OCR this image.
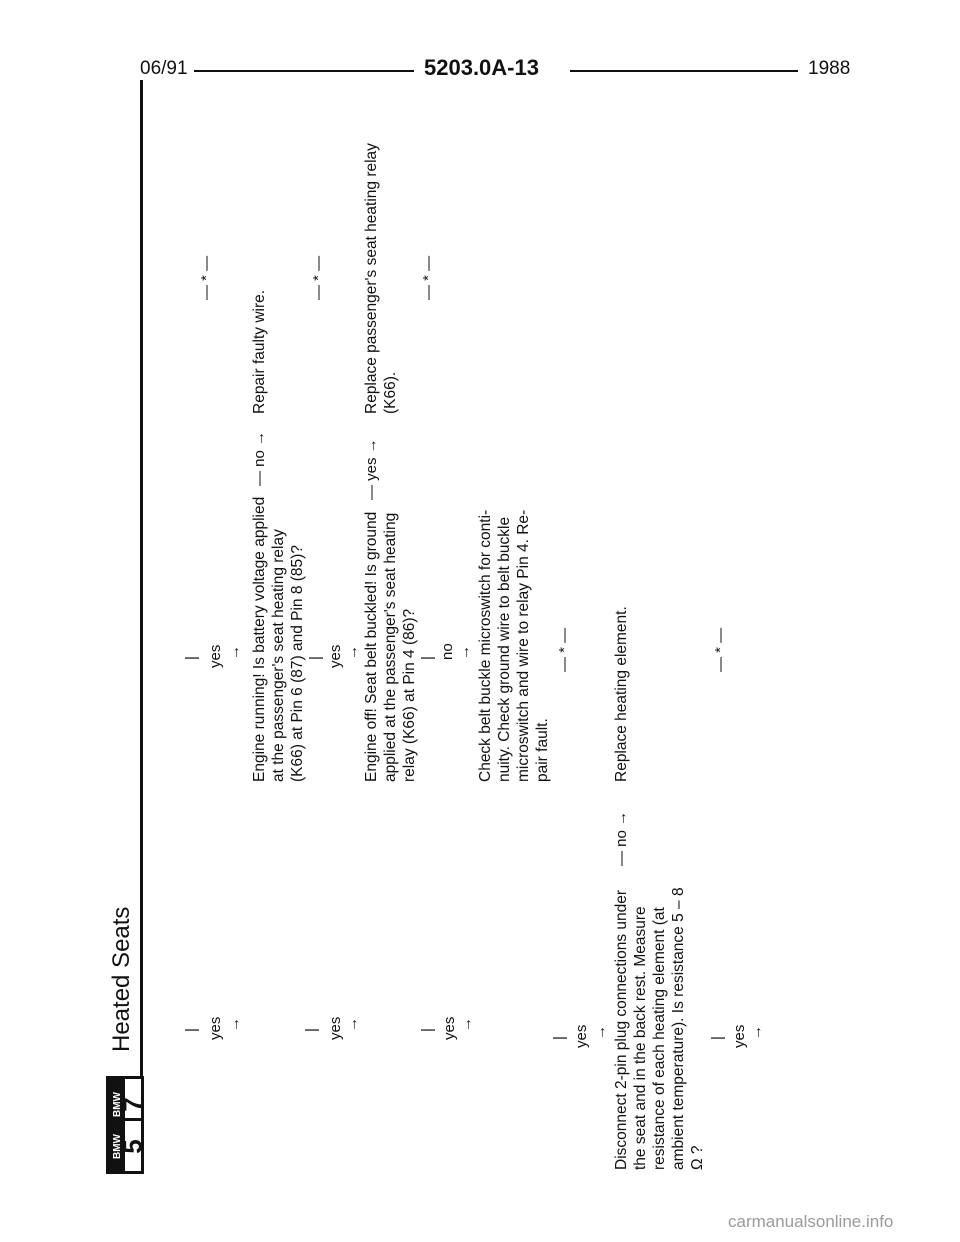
06/91	5203.0A-13	1988
BMW
7
BMW
5
Heated Seats
| yes → Engine running! Is battery voltage applied at the passenger's seat heating relay (K66) at Pin 6 (87) and Pin 8 (85)?
— no →
Repair faulty wire.
— * —	— * —
| yes → Engine off! Seat belt buckled! Is ground applied at the passenger's seat heating relay (K66) at Pin 4 (86)?
— yes →
Replace passenger's seat heating relay (K66).
— * —
| no → Check belt buckle microswitch for conti- nuity. Check ground wire to belt buckle microswitch and wire to relay Pin 4. Re- pair fault.
— * —
| yes →	| yes →	| yes →
| yes → Disconnect 2-pin plug connections under the seat and in the back rest. Measure resistance of each heating element (at ambient temperature). Is resistance 5 – 8 Ω ?
— no →
Replace heating element.	— * —
| yes →
carmanualsonline.info
